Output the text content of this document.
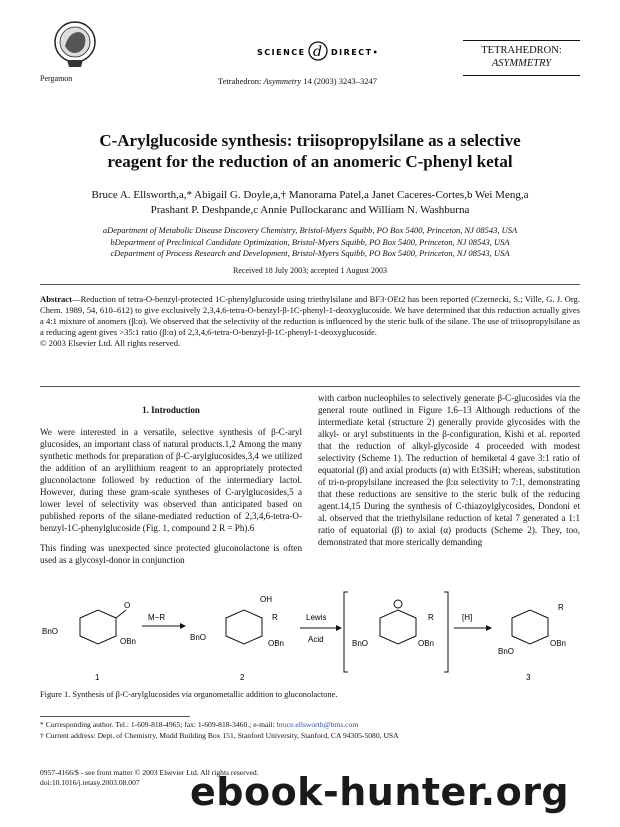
Pergamon
SCIENCE d DIRECT•
Tetrahedron: Asymmetry 14 (2003) 3243–3247
TETRAHEDRON:
ASYMMETRY
C-Arylglucoside synthesis: triisopropylsilane as a selective
reagent for the reduction of an anomeric C-phenyl ketal
Bruce A. Ellsworth,a,* Abigail G. Doyle,a,† Manorama Patel,a Janet Caceres-Cortes,b Wei Meng,a
Prashant P. Deshpande,c Annie Pullockaranc and William N. Washburna
aDepartment of Metabolic Disease Discovery Chemistry, Bristol-Myers Squibb, PO Box 5400, Princeton, NJ 08543, USA
bDepartment of Preclinical Candidate Optimization, Bristol-Myers Squibb, PO Box 5400, Princeton, NJ 08543, USA
cDepartment of Process Research and Development, Bristol-Myers Squibb, PO Box 5400, Princeton, NJ 08543, USA
Received 18 July 2003; accepted 1 August 2003
Abstract—Reduction of tetra-O-benzyl-protected 1C-phenylglucoside using triethylsilane and BF3·OEt2 has been reported (Czernecki, S.; Ville, G. J. Org. Chem. 1989, 54, 610–612) to give exclusively 2,3,4,6-tetra-O-benzyl-β-1C-phenyl-1-deoxyglucoside. We have determined that this reduction actually gives a 4:1 mixture of anomers (β:α). We observed that the selectivity of the reduction is influenced by the steric bulk of the silane. The use of triisopropylsilane as a reducing agent gives >35:1 ratio (β:α) of 2,3,4,6-tetra-O-benzyl-β-1C-phenyl-1-deoxyglucoside.
© 2003 Elsevier Ltd. All rights reserved.
1. Introduction

We were interested in a versatile, selective synthesis of β-C-aryl glucosides, an important class of natural products.1,2 Among the many synthetic methods for preparation of β-C-arylglucosides,3,4 we utilized the addition of an aryllithium reagent to an appropriately protected gluconolactone followed by reduction of the intermediary lactol. However, during these gram-scale syntheses of C-arylglucosides,5 a lower level of selectivity was observed than anticipated based on published reports of the silane-mediated reduction of 2,3,4,6-tetra-O-benzyl-1C-phenylglucoside (Fig. 1, compound 2 R = Ph).6

This finding was unexpected since protected gluconolactone is often used as a glycosyl-donor in conjunction

with carbon nucleophiles to selectively generate β-C-glucosides via the general route outlined in Figure 1.6–13 Although reductions of the intermediate ketal (structure 2) generally provide glycosides with the alkyl- or aryl substituents in the β-configuration, Kishi et al. reported that the reduction of alkyl-glycoside 4 proceeded with modest selectivity (Scheme 1). The reduction of hemiketal 4 gave 3:1 ratio of equatorial (β) and axial products (α) with Et3SiH; whereas, substitution of tri-n-propylsilane increased the β:α selectivity to 7:1, demonstrating that these reductions are sensitive to the steric bulk of the reducing agent.14,15 During the synthesis of C-thiazoylglycosides, Dondoni et al. observed that the triethylsilane reduction of ketal 7 generated a 1:1 ratio of equatorial (β) to axial (α) products (Scheme 2). They, too, demonstrated that more sterically demanding

O
BnO
OBn
1
M−R
OH
R
BnO
OBn
2
Lewis
Acid
R
BnO	OBn
[H]
R
BnO
OBn
3
Figure 1. Synthesis of β-C-arylglucosides via organometallic addition to gluconolactone.
* Corresponding author. Tel.: 1-609-818-4965; fax: 1-609-818-3460.; e-mail: bruce.ellsworth@bms.com
† Current address: Dept. of Chemistry, Mudd Building Box 151, Stanford University, Stanford, CA 94305-5080, USA
0957-4166/$ - see front matter © 2003 Elsevier Ltd. All rights reserved.
doi:10.1016/j.tetasy.2003.08.007	ebook-hunter.org
